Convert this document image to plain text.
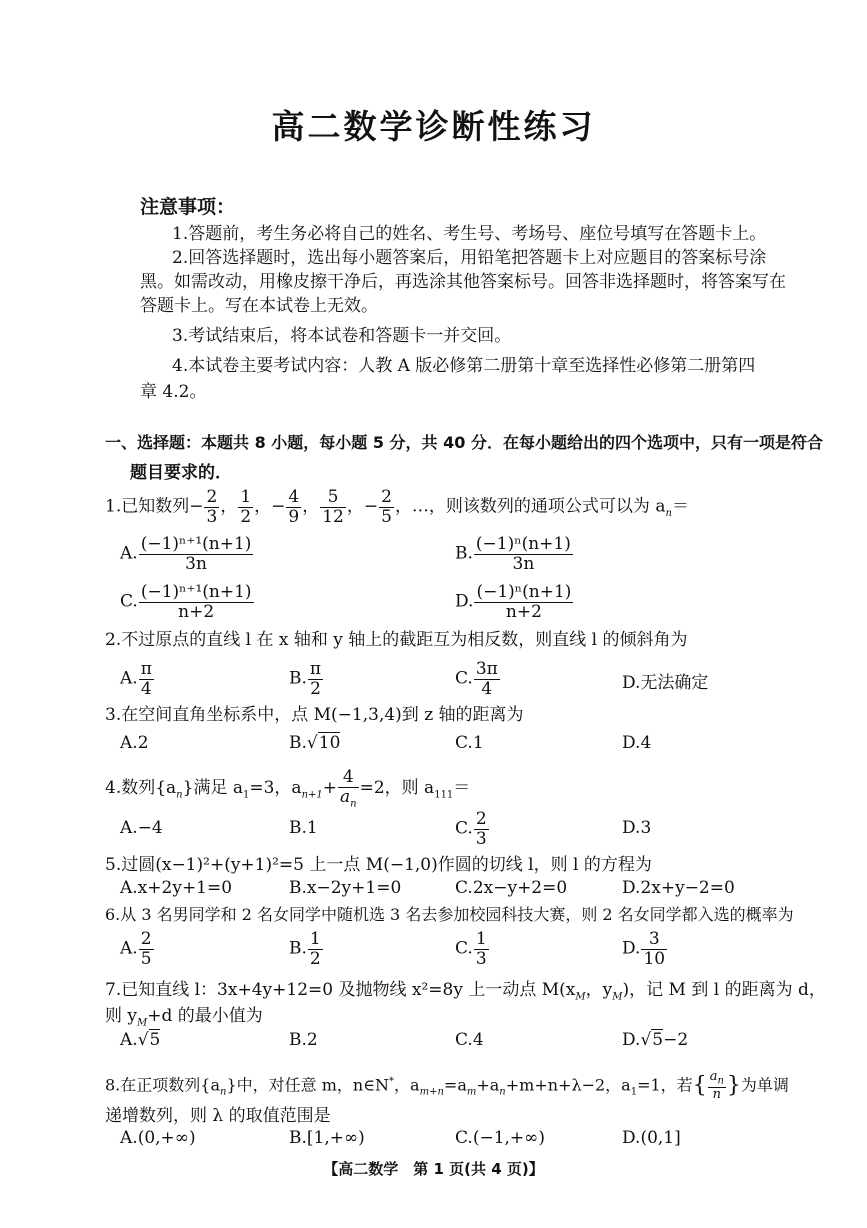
高二数学诊断性练习
注意事项：
1.答题前，考生务必将自己的姓名、考生号、考场号、座位号填写在答题卡上。
2.回答选择题时，选出每小题答案后，用铅笔把答题卡上对应题目的答案标号涂
黑。如需改动，用橡皮擦干净后，再选涂其他答案标号。回答非选择题时，将答案写在
答题卡上。写在本试卷上无效。
3.考试结束后，将本试卷和答题卡一并交回。
4.本试卷主要考试内容：人教 A 版必修第二册第十章至选择性必修第二册第四
章 4.2。
一、选择题：本题共 8 小题，每小题 5 分，共 40 分．在每小题给出的四个选项中，只有一项是符合
题目要求的．
1.已知数列− $\frac{2}{3}$ ， $\frac{1}{2}$ ，− $\frac{4}{9}$ ， $\frac{5}{12}$ ，− $\frac{2}{5}$ ，…，则该数列的通项公式可以为 $a_n=$
A. $\frac{\text{(−1)ⁿ⁺¹(n+1)}}{3n}$	B. $\frac{\text{(−1)ⁿ(n+1)}}{3n}$
C. $\frac{\text{(−1)ⁿ⁺¹(n+1)}}{n+2}$	D. $\frac{\text{(−1)ⁿ(n+1)}}{n+2}$
2.不过原点的直线 l 在 x 轴和 y 轴上的截距互为相反数，则直线 l 的倾斜角为
A. $\frac{\pi}{4}$	B. $\frac{\pi}{2}$	C. $\frac{3\pi}{4}$	D.无法确定
3.在空间直角坐标系中，点 M(−1,3,4)到 z 轴的距离为
A.2	B.√10	C.1	D.4
4.数列$\{a_n\}$满足 $a_1=3$，$a_{n+1}+ \frac{4}{a_n} =2$，则 $a_{111}=$
A.−4	B.1	C. $\frac{2}{3}$	D.3
5.过圆(x−1)²+(y+1)²=5 上一点 M(−1,0)作圆的切线 l，则 l 的方程为
A.x+2y+1=0	B.x−2y+1=0	C.2x−y+2=0	D.2x+y−2=0
6.从 3 名男同学和 2 名女同学中随机选 3 名去参加校园科技大赛，则 2 名女同学都入选的概率为
A. $\frac{2}{5}$	B. $\frac{1}{2}$	C. $\frac{1}{3}$	D. $\frac{3}{10}$
7.已知直线 l：3x+4y+12=0 及抛物线 x²=8y 上一动点 $M(x_M$，$y_M$)，记 M 到 l 的距离为 d，
则 $y_M+d$ 的最小值为
A.√5	B.2	C.4	D.√5−2
8.在正项数列$\{a_n\}$中，对任意 m，n∈N*，$a_{m+n}=a_m+a_n+m+n+\lambda-2$，$a_1=1$，若{ $\frac{a_n}{n}$ }为单调
递增数列，则 λ 的取值范围是
A.(0,+∞)	B.[1,+∞)	C.(−1,+∞)	D.(0,1]
【高二数学　第 1 页(共 4 页)】
